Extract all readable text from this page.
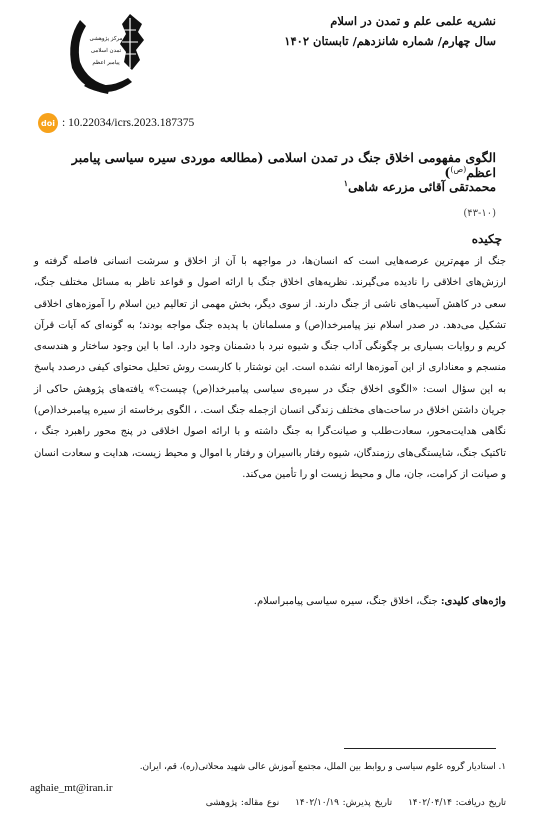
مرکز پژوهشی
تمدن اسلامی
پیامبر اعظم

نشریه علمی علم و تمدن در اسلام

سال چهارم/ شماره شانزدهم/ تابستان ۱۴۰۲

doi : 10.22034/icrs.2023.187375
الگوی مفهومی اخلاق جنگ در تمدن اسلامی (مطالعه موردی سیره سیاسی پیامبر اعظم$^{(ص)}$)

محمدتقی آقائی مزرعه شاهی$^۱$

(۴۳-۱۰)

چکیده

جنگ از مهم‌ترین عرصه‌هایی است که انسان‌ها، در مواجهه با آن از اخلاق و سرشت انسانی فاصله گرفته و ارزش‌های اخلاقی را نادیده می‌گیرند. نظریه‌های اخلاق جنگ با ارائه اصول و قواعد ناظر به مسائل مختلف جنگ، سعی در کاهش آسیب‌های ناشی از جنگ دارند. از سوی دیگر، بخش مهمی از تعالیم دین اسلام را آموزه‌های اخلاقی تشکیل می‌دهد. در صدر اسلام نیز پیامبرخدا(ص) و مسلمانان با پدیده جنگ مواجه بودند؛ به گونه‌ای که آیات قرآن کریم و روایات بسیاری بر چگونگی آداب جنگ و شیوه نبرد با دشمنان وجود دارد. اما با این وجود ساختار و هندسه‌ی منسجم و معناداری از این آموزه‌ها ارائه نشده است. این نوشتار با کاربست روش تحلیل محتوای کیفی درصدد پاسخ به این سؤال است: «الگوی اخلاق جنگ در سیره‌ی سیاسی پیامبرخدا(ص) چیست؟» یافته‌های پژوهش حاکی از جریان داشتن اخلاق در ساحت‌های مختلف زندگی انسان ازجمله جنگ است. ، الگوی برخاسته از سیره پیامبرخدا(ص) نگاهی هدایت‌محور، سعادت‌طلب و صیانت‌گرا به جنگ داشته و با ارائه اصول اخلاقی در پنج محور راهبرد جنگ ، تاکتیک جنگ، شایستگی‌های رزمندگان، شیوه رفتار بااسیران و رفتار با اموال و محیط زیست، هدایت و سعادت انسان و صیانت از کرامت، جان، مال و محیط زیست او را تأمین می‌کند.

واژه‌های کلیدی: جنگ، اخلاق جنگ، سیره سیاسی پیامبراسلام.

۱. استادیار گروه علوم سیاسی و روابط بین الملل، مجتمع آموزش عالی شهید محلاتی(ره)، قم، ایران.

aghaie_mt@iran.ir

تاریخ دریافت: ۱۴۰۲/۰۴/۱۴تاریخ پذیرش: ۱۴۰۲/۱۰/۱۹نوع مقاله: پژوهشی
